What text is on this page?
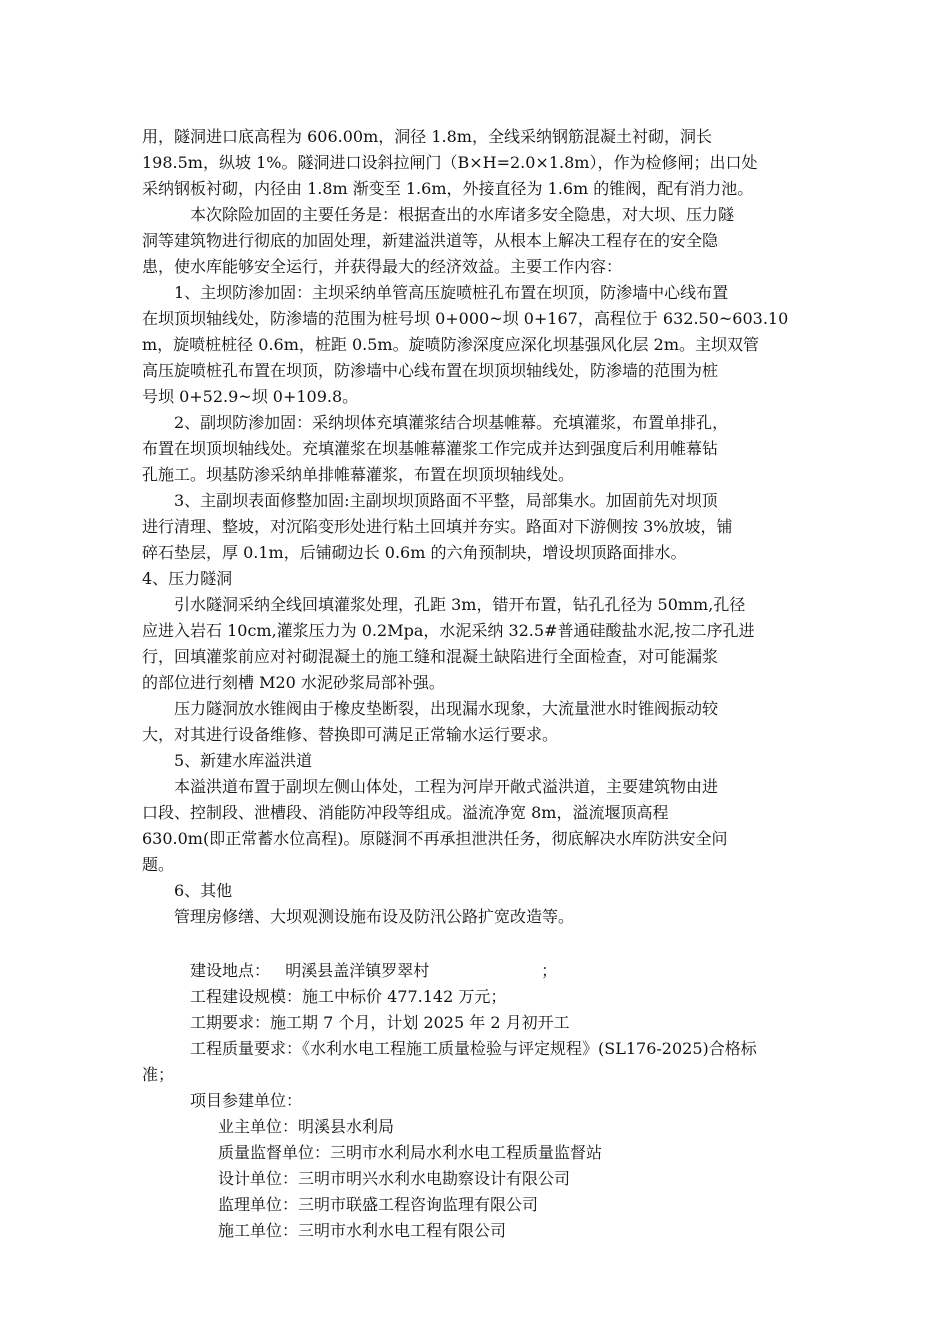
用，隧洞进口底高程为 606.00m，洞径 1.8m，全线采纳钢筋混凝土衬砌，洞长
198.5m，纵坡 1%。隧洞进口设斜拉闸门（B×H=2.0×1.8m），作为检修闸；出口处
采纳钢板衬砌，内径由 1.8m 渐变至 1.6m，外接直径为 1.6m 的锥阀，配有消力池。
本次除险加固的主要任务是：根据查出的水库诸多安全隐患，对大坝、压力隧
洞等建筑物进行彻底的加固处理，新建溢洪道等，从根本上解决工程存在的安全隐
患，使水库能够安全运行，并获得最大的经济效益。主要工作内容：
1、主坝防渗加固：主坝采纳单管高压旋喷桩孔布置在坝顶，防渗墙中心线布置
在坝顶坝轴线处，防渗墙的范围为桩号坝 0+000~坝 0+167，高程位于 632.50~603.10
m，旋喷桩桩径 0.6m，桩距 0.5m。旋喷防渗深度应深化坝基强风化层 2m。主坝双管
高压旋喷桩孔布置在坝顶，防渗墙中心线布置在坝顶坝轴线处，防渗墙的范围为桩
号坝 0+52.9~坝 0+109.8。
2、副坝防渗加固：采纳坝体充填灌浆结合坝基帷幕。充填灌浆，布置单排孔，
布置在坝顶坝轴线处。充填灌浆在坝基帷幕灌浆工作完成并达到强度后利用帷幕钻
孔施工。坝基防渗采纳单排帷幕灌浆，布置在坝顶坝轴线处。
3、主副坝表面修整加固:主副坝坝顶路面不平整，局部集水。加固前先对坝顶
进行清理、整坡，对沉陷变形处进行粘土回填并夯实。路面对下游侧按 3%放坡，铺
碎石垫层，厚 0.1m，后铺砌边长 0.6m 的六角预制块，增设坝顶路面排水。
4、压力隧洞
引水隧洞采纳全线回填灌浆处理，孔距 3m，错开布置，钻孔孔径为 50mm,孔径
应进入岩石 10cm,灌浆压力为 0.2Mpa，水泥采纳 32.5#普通硅酸盐水泥,按二序孔进
行，回填灌浆前应对衬砌混凝土的施工缝和混凝土缺陷进行全面检查，对可能漏浆
的部位进行刻槽 M20 水泥砂浆局部补强。
压力隧洞放水锥阀由于橡皮垫断裂，出现漏水现象，大流量泄水时锥阀振动较
大，对其进行设备维修、替换即可满足正常输水运行要求。
5、新建水库溢洪道
本溢洪道布置于副坝左侧山体处，工程为河岸开敞式溢洪道，主要建筑物由进
口段、控制段、泄槽段、消能防冲段等组成。溢流净宽 8m，溢流堰顶高程
630.0m(即正常蓄水位高程)。原隧洞不再承担泄洪任务，彻底解决水库防洪安全问
题。
6、其他
管理房修缮、大坝观测设施布设及防汛公路扩宽改造等。
建设地点：   明溪县盖洋镇罗翠村                      ；
工程建设规模：施工中标价 477.142 万元；
工期要求：施工期 7 个月，计划 2025 年 2 月初开工
工程质量要求：《水利水电工程施工质量检验与评定规程》(SL176-2025)合格标
准；
项目参建单位：
业主单位：明溪县水利局
质量监督单位：三明市水利局水利水电工程质量监督站
设计单位：三明市明兴水利水电勘察设计有限公司
监理单位：三明市联盛工程咨询监理有限公司
施工单位：三明市水利水电工程有限公司
